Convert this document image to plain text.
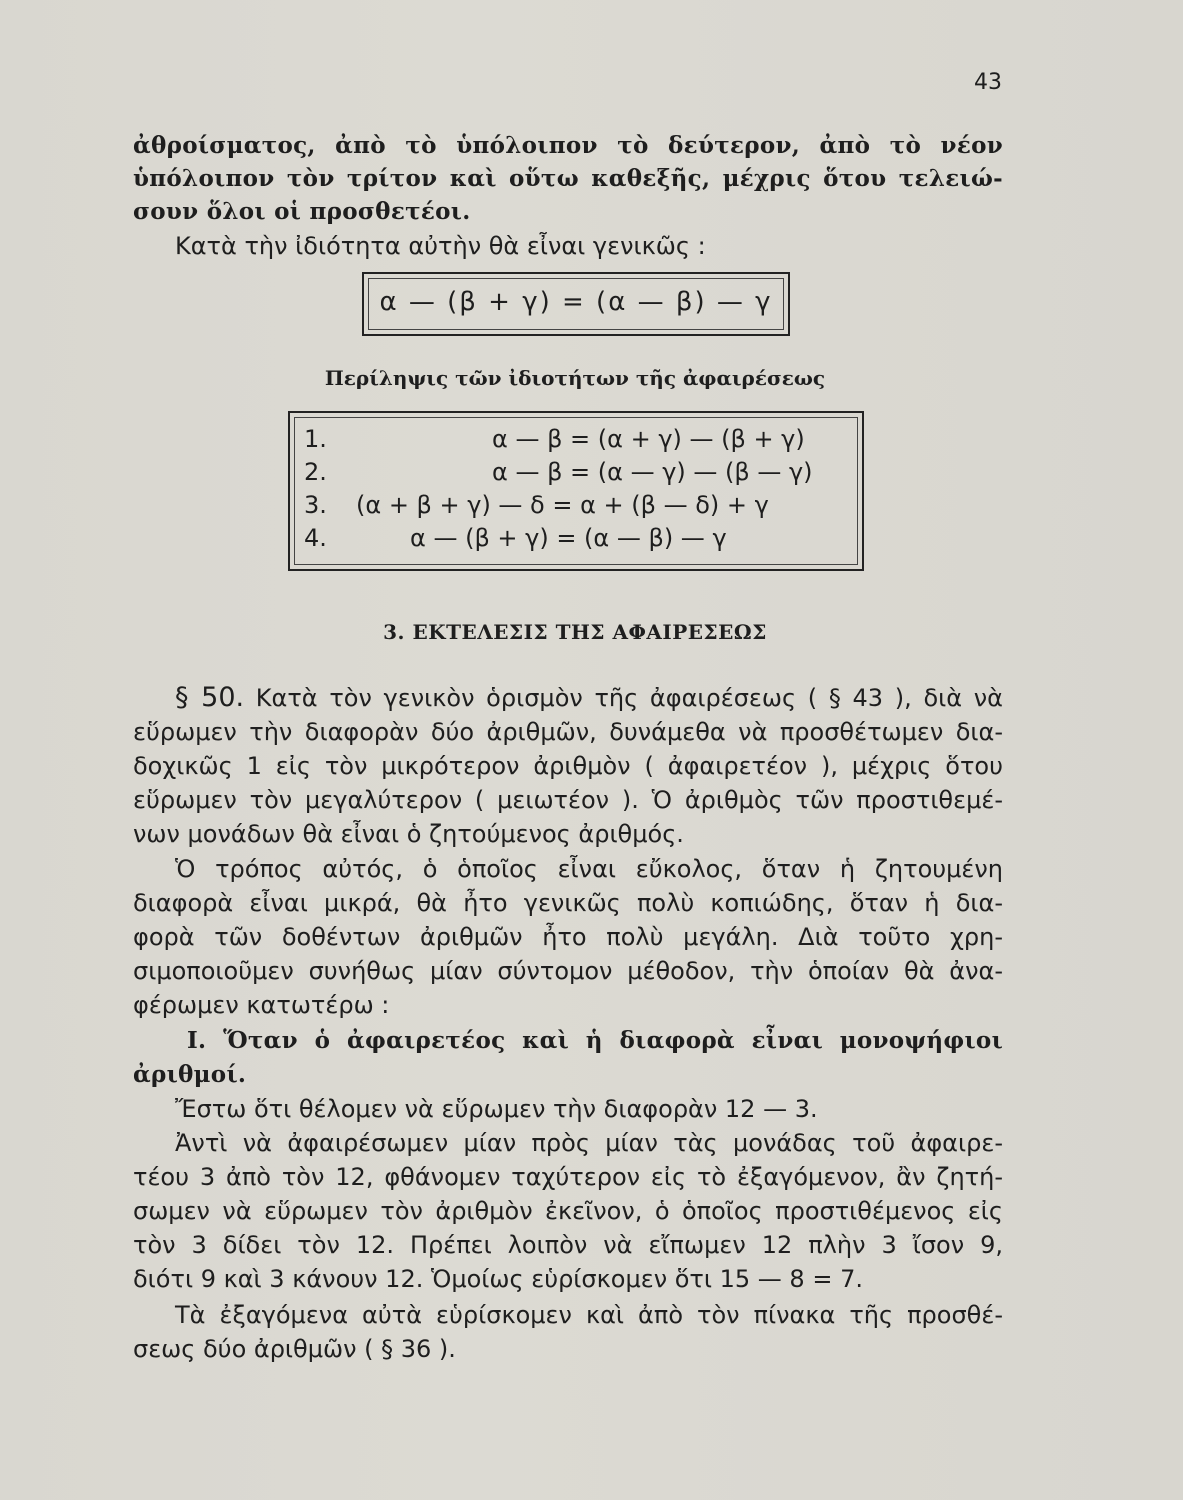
43
ἀθροίσματος, ἀπὸ τὸ ὑπόλοιπον τὸ δεύτερον, ἀπὸ τὸ νέον
ὑπόλοιπον τὸν τρίτον καὶ οὕτω καθεξῆς, μέχρις ὅτου τελειώ-
σουν ὅλοι οἱ προσθετέοι.
Κατὰ τὴν ἰδιότητα αὐτὴν θὰ εἶναι γενικῶς :
α — (β + γ) = (α — β) — γ
Περίληψις τῶν ἰδιοτήτων τῆς ἀφαιρέσεως
1.	α — β = (α + γ) — (β + γ)
2.	α — β = (α — γ) — (β — γ)
3. (α + β + γ) — δ = α + (β — δ) + γ
4.	α — (β + γ) = (α — β) — γ
3. ΕΚΤΕΛΕΣΙΣ ΤΗΣ ΑΦΑΙΡΕΣΕΩΣ
§ 50. Κατὰ τὸν γενικὸν ὁρισμὸν τῆς ἀφαιρέσεως ( § 43 ), διὰ νὰ
εὕρωμεν τὴν διαφορὰν δύο ἀριθμῶν, δυνάμεθα νὰ προσθέτωμεν δια-
δοχικῶς 1 εἰς τὸν μικρότερον ἀριθμὸν ( ἀφαιρετέον ), μέχρις ὅτου
εὕρωμεν τὸν μεγαλύτερον ( μειωτέον ). Ὁ ἀριθμὸς τῶν προστιθεμέ-
νων μονάδων θὰ εἶναι ὁ ζητούμενος ἀριθμός.
Ὁ τρόπος αὐτός, ὁ ὁποῖος εἶναι εὔκολος, ὅταν ἡ ζητουμένη
διαφορὰ εἶναι μικρά, θὰ ἦτο γενικῶς πολὺ κοπιώδης, ὅταν ἡ δια-
φορὰ τῶν δοθέντων ἀριθμῶν ἦτο πολὺ μεγάλη. Διὰ τοῦτο χρη-
σιμοποιοῦμεν συνήθως μίαν σύντομον μέθοδον, τὴν ὁποίαν θὰ ἀνα-
φέρωμεν κατωτέρω :
Ι. Ὅταν ὁ ἀφαιρετέος καὶ ἡ διαφορὰ εἶναι μονοψήφιοι
ἀριθμοί.
Ἔστω ὅτι θέλομεν νὰ εὕρωμεν τὴν διαφορὰν 12 — 3.
Ἀντὶ νὰ ἀφαιρέσωμεν μίαν πρὸς μίαν τὰς μονάδας τοῦ ἀφαιρε-
τέου 3 ἀπὸ τὸν 12, φθάνομεν ταχύτερον εἰς τὸ ἐξαγόμενον, ἂν ζητή-
σωμεν νὰ εὕρωμεν τὸν ἀριθμὸν ἐκεῖνον, ὁ ὁποῖος προστιθέμενος εἰς
τὸν 3 δίδει τὸν 12. Πρέπει λοιπὸν νὰ εἴπωμεν 12 πλὴν 3 ἴσον 9,
διότι 9 καὶ 3 κάνουν 12. Ὁμοίως εὑρίσκομεν ὅτι 15 — 8 = 7.
Τὰ ἐξαγόμενα αὐτὰ εὑρίσκομεν καὶ ἀπὸ τὸν πίνακα τῆς προσθέ-
σεως δύο ἀριθμῶν ( § 36 ).
